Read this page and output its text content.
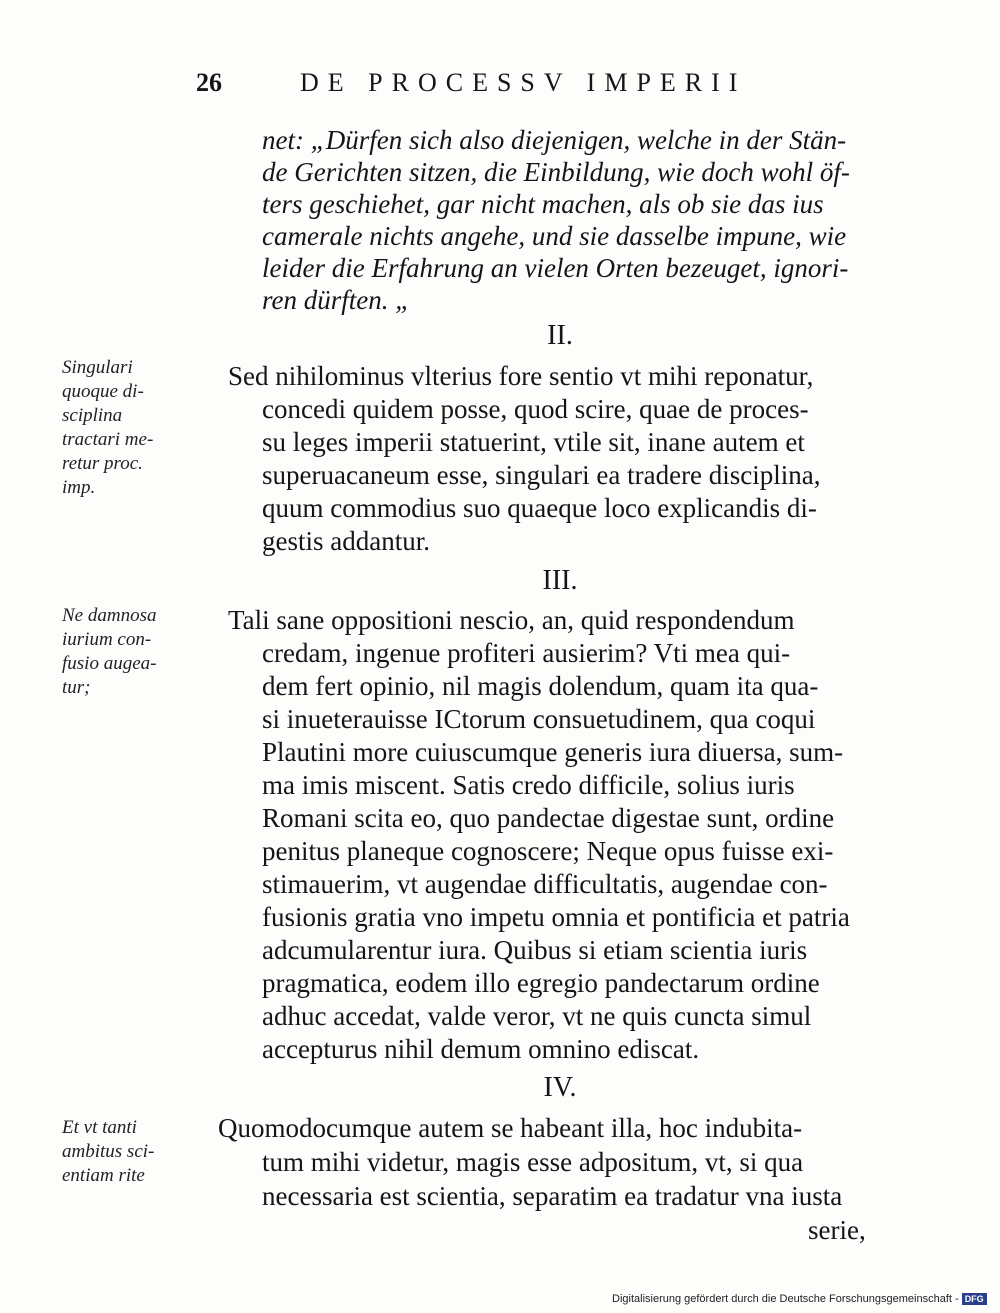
26	DE PROCESSV IMPERII
net: „Dürfen sich also diejenigen, welche in der Stän-
de Gerichten sitzen, die Einbildung, wie doch wohl öf-
ters geschiehet, gar nicht machen, als ob sie das ius
camerale nichts angehe, und sie dasselbe impune, wie
leider die Erfahrung an vielen Orten bezeuget, ignori-
ren dürften. „
II.
Singulari
quoque di-
sciplina
tractari me-
retur proc.
imp.
Sed nihilominus vlterius fore sentio vt mihi reponatur,
concedi quidem posse, quod scire, quae de proces-
su leges imperii statuerint, vtile sit, inane autem et
superuacaneum esse, singulari ea tradere disciplina,
quum commodius suo quaeque loco explicandis di-
gestis addantur.
III.
Ne damnosa
iurium con-
fusio augea-
tur;
Tali sane oppositioni nescio, an, quid respondendum
credam, ingenue profiteri ausierim? Vti mea qui-
dem fert opinio, nil magis dolendum, quam ita qua-
si inueterauisse ICtorum consuetudinem, qua coqui
Plautini more cuiuscumque generis iura diuersa, sum-
ma imis miscent. Satis credo difficile, solius iuris
Romani scita eo, quo pandectae digestae sunt, ordine
penitus planeque cognoscere; Neque opus fuisse exi-
stimauerim, vt augendae difficultatis, augendae con-
fusionis gratia vno impetu omnia et pontificia et patria
adcumularentur iura. Quibus si etiam scientia iuris
pragmatica, eodem illo egregio pandectarum ordine
adhuc accedat, valde veror, vt ne quis cuncta simul
accepturus nihil demum omnino ediscat.
IV.
Et vt tanti
ambitus sci-
entiam rite
Quomodocumque autem se habeant illa, hoc indubita-
tum mihi videtur, magis esse adpositum, vt, si qua
necessaria est scientia, separatim ea tradatur vna iusta
serie,
Digitalisierung gefördert durch die Deutsche Forschungsgemeinschaft - DFG
